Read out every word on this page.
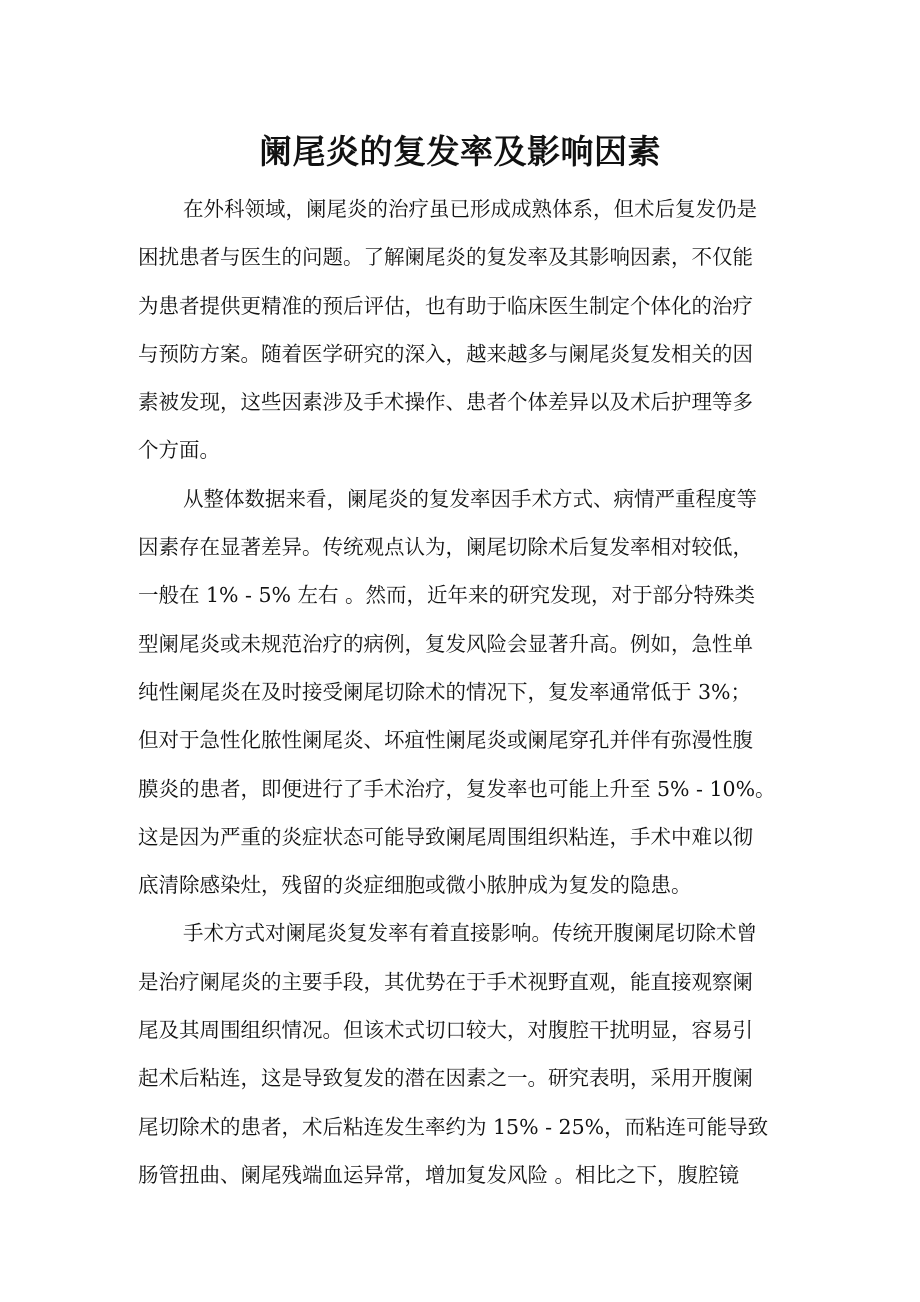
阑尾炎的复发率及影响因素

在外科领域，阑尾炎的治疗虽已形成成熟体系，但术后复发仍是
困扰患者与医生的问题。了解阑尾炎的复发率及其影响因素，不仅能
为患者提供更精准的预后评估，也有助于临床医生制定个体化的治疗
与预防方案。随着医学研究的深入，越来越多与阑尾炎复发相关的因
素被发现，这些因素涉及手术操作、患者个体差异以及术后护理等多
个方面。

从整体数据来看，阑尾炎的复发率因手术方式、病情严重程度等
因素存在显著差异。传统观点认为，阑尾切除术后复发率相对较低，
一般在 1% - 5% 左右 。然而，近年来的研究发现，对于部分特殊类
型阑尾炎或未规范治疗的病例，复发风险会显著升高。例如，急性单
纯性阑尾炎在及时接受阑尾切除术的情况下，复发率通常低于 3%；
但对于急性化脓性阑尾炎、坏疽性阑尾炎或阑尾穿孔并伴有弥漫性腹
膜炎的患者，即便进行了手术治疗，复发率也可能上升至 5% - 10%。
这是因为严重的炎症状态可能导致阑尾周围组织粘连，手术中难以彻
底清除感染灶，残留的炎症细胞或微小脓肿成为复发的隐患。

手术方式对阑尾炎复发率有着直接影响。传统开腹阑尾切除术曾
是治疗阑尾炎的主要手段，其优势在于手术视野直观，能直接观察阑
尾及其周围组织情况。但该术式切口较大，对腹腔干扰明显，容易引
起术后粘连，这是导致复发的潜在因素之一。研究表明，采用开腹阑
尾切除术的患者，术后粘连发生率约为 15% - 25%，而粘连可能导致
肠管扭曲、阑尾残端血运异常，增加复发风险 。相比之下，腹腔镜
